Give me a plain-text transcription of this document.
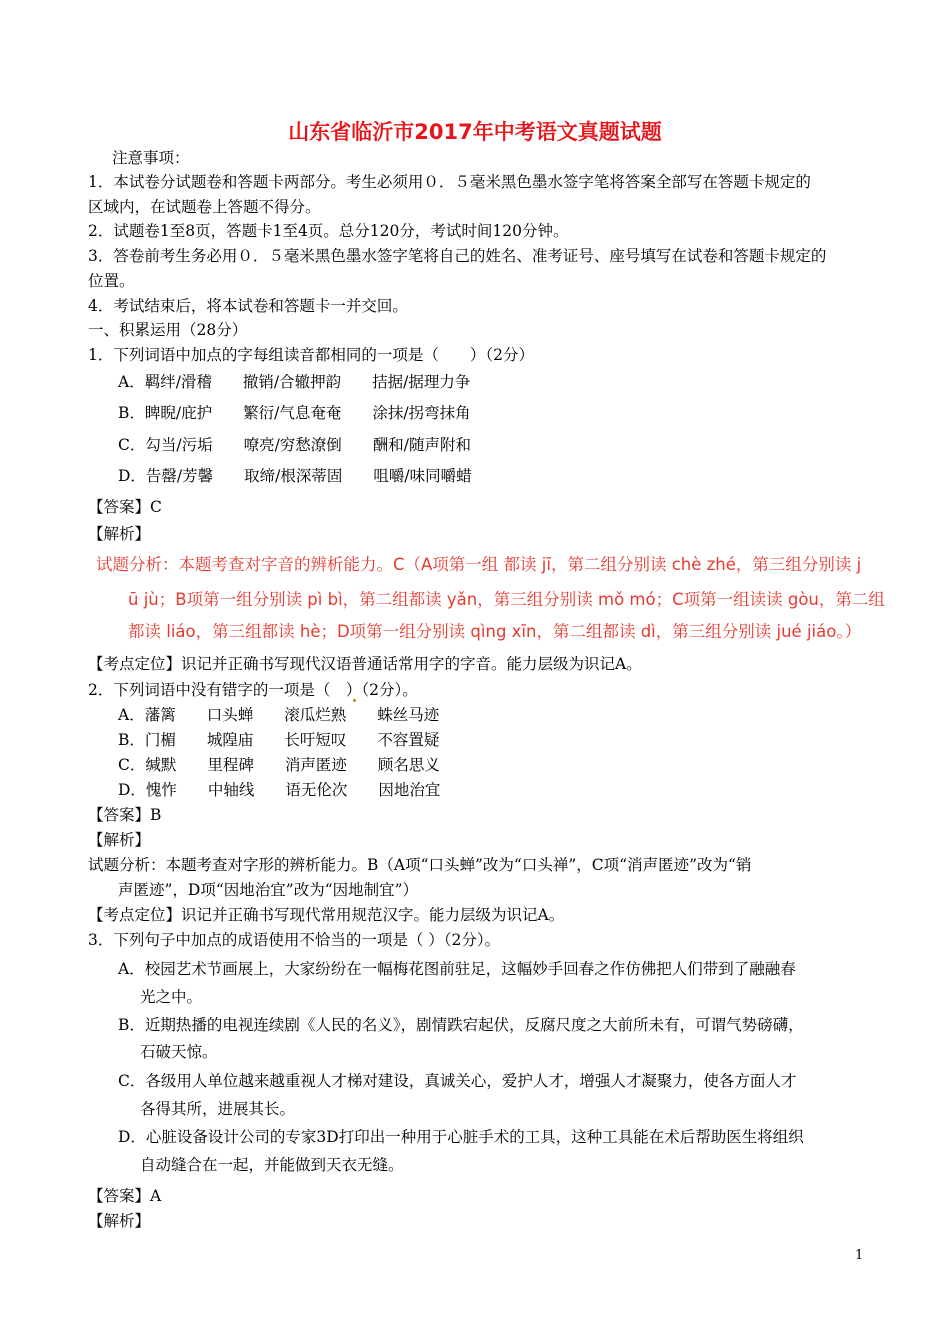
山东省临沂市2017年中考语文真题试题
注意事项：
1．本试卷分试题卷和答题卡两部分。考生必须用０．５毫米黑色墨水签字笔将答案全部写在答题卡规定的
区域内，在试题卷上答题不得分。
2．试题卷1至8页，答题卡1至4页。总分120分，考试时间120分钟。
3．答卷前考生务必用０．５毫米黑色墨水签字笔将自己的姓名、准考证号、座号填写在试卷和答题卡规定的
位置。
4．考试结束后，将本试卷和答题卡一并交回。
一、积累运用（28分）
1．下列词语中加点的字每组读音都相同的一项是（　　）（2分）
A．羁绊/滑稽　　撤销/合辙押韵　　拮据/据理力争
B．睥睨/庇护　　繁衍/气息奄奄　　涂抹/拐弯抹角
C．勾当/污垢　　嘹亮/穷愁潦倒　　酬和/随声附和
D．告罄/芳馨　　取缔/根深蒂固　　咀嚼/味同嚼蜡
【答案】C
【解析】
试题分析：本题考查对字音的辨析能力。C（A项第一组 都读 jī，第二组分别读 chè zhé，第三组分别读 j
ū jù；B项第一组分别读 pì bì，第二组都读 yǎn，第三组分别读 mǒ mó；C项第一组读读 gòu，第二组
都读 liáo，第三组都读 hè；D项第一组分别读 qìng xīn，第二组都读 dì，第三组分别读 jué jiáo。）
【考点定位】识记并正确书写现代汉语普通话常用字的字音。能力层级为识记A。
2．下列词语中没有错字的一项是（　）（2分）。
A．藩篱　　口头蝉　　滚瓜烂熟　　蛛丝马迹
B．门楣　　城隍庙　　长吁短叹　　不容置疑
C．缄默　　里程碑　　消声匿迹　　顾名思义
D．愧怍　　中轴线　　语无伦次　　因地治宜
【答案】B
【解析】
试题分析：本题考查对字形的辨析能力。B（A项“口头蝉”改为“口头禅”，C项“消声匿迹”改为“销
声匿迹”，D项“因地治宜”改为“因地制宜”）
【考点定位】识记并正确书写现代常用规范汉字。能力层级为识记A。
3．下列句子中加点的成语使用不恰当的一项是（ ）（2分）。
A．校园艺术节画展上，大家纷纷在一幅梅花图前驻足，这幅妙手回春之作仿佛把人们带到了融融春
光之中。
B．近期热播的电视连续剧《人民的名义》，剧情跌宕起伏，反腐尺度之大前所未有，可谓气势磅礴，
石破天惊。
C．各级用人单位越来越重视人才梯对建设，真诚关心，爱护人才，增强人才凝聚力，使各方面人才
各得其所，进展其长。
D．心脏设备设计公司的专家3D打印出一种用于心脏手术的工具，这种工具能在术后帮助医生将组织
自动缝合在一起，并能做到天衣无缝。
【答案】A
【解析】
1
